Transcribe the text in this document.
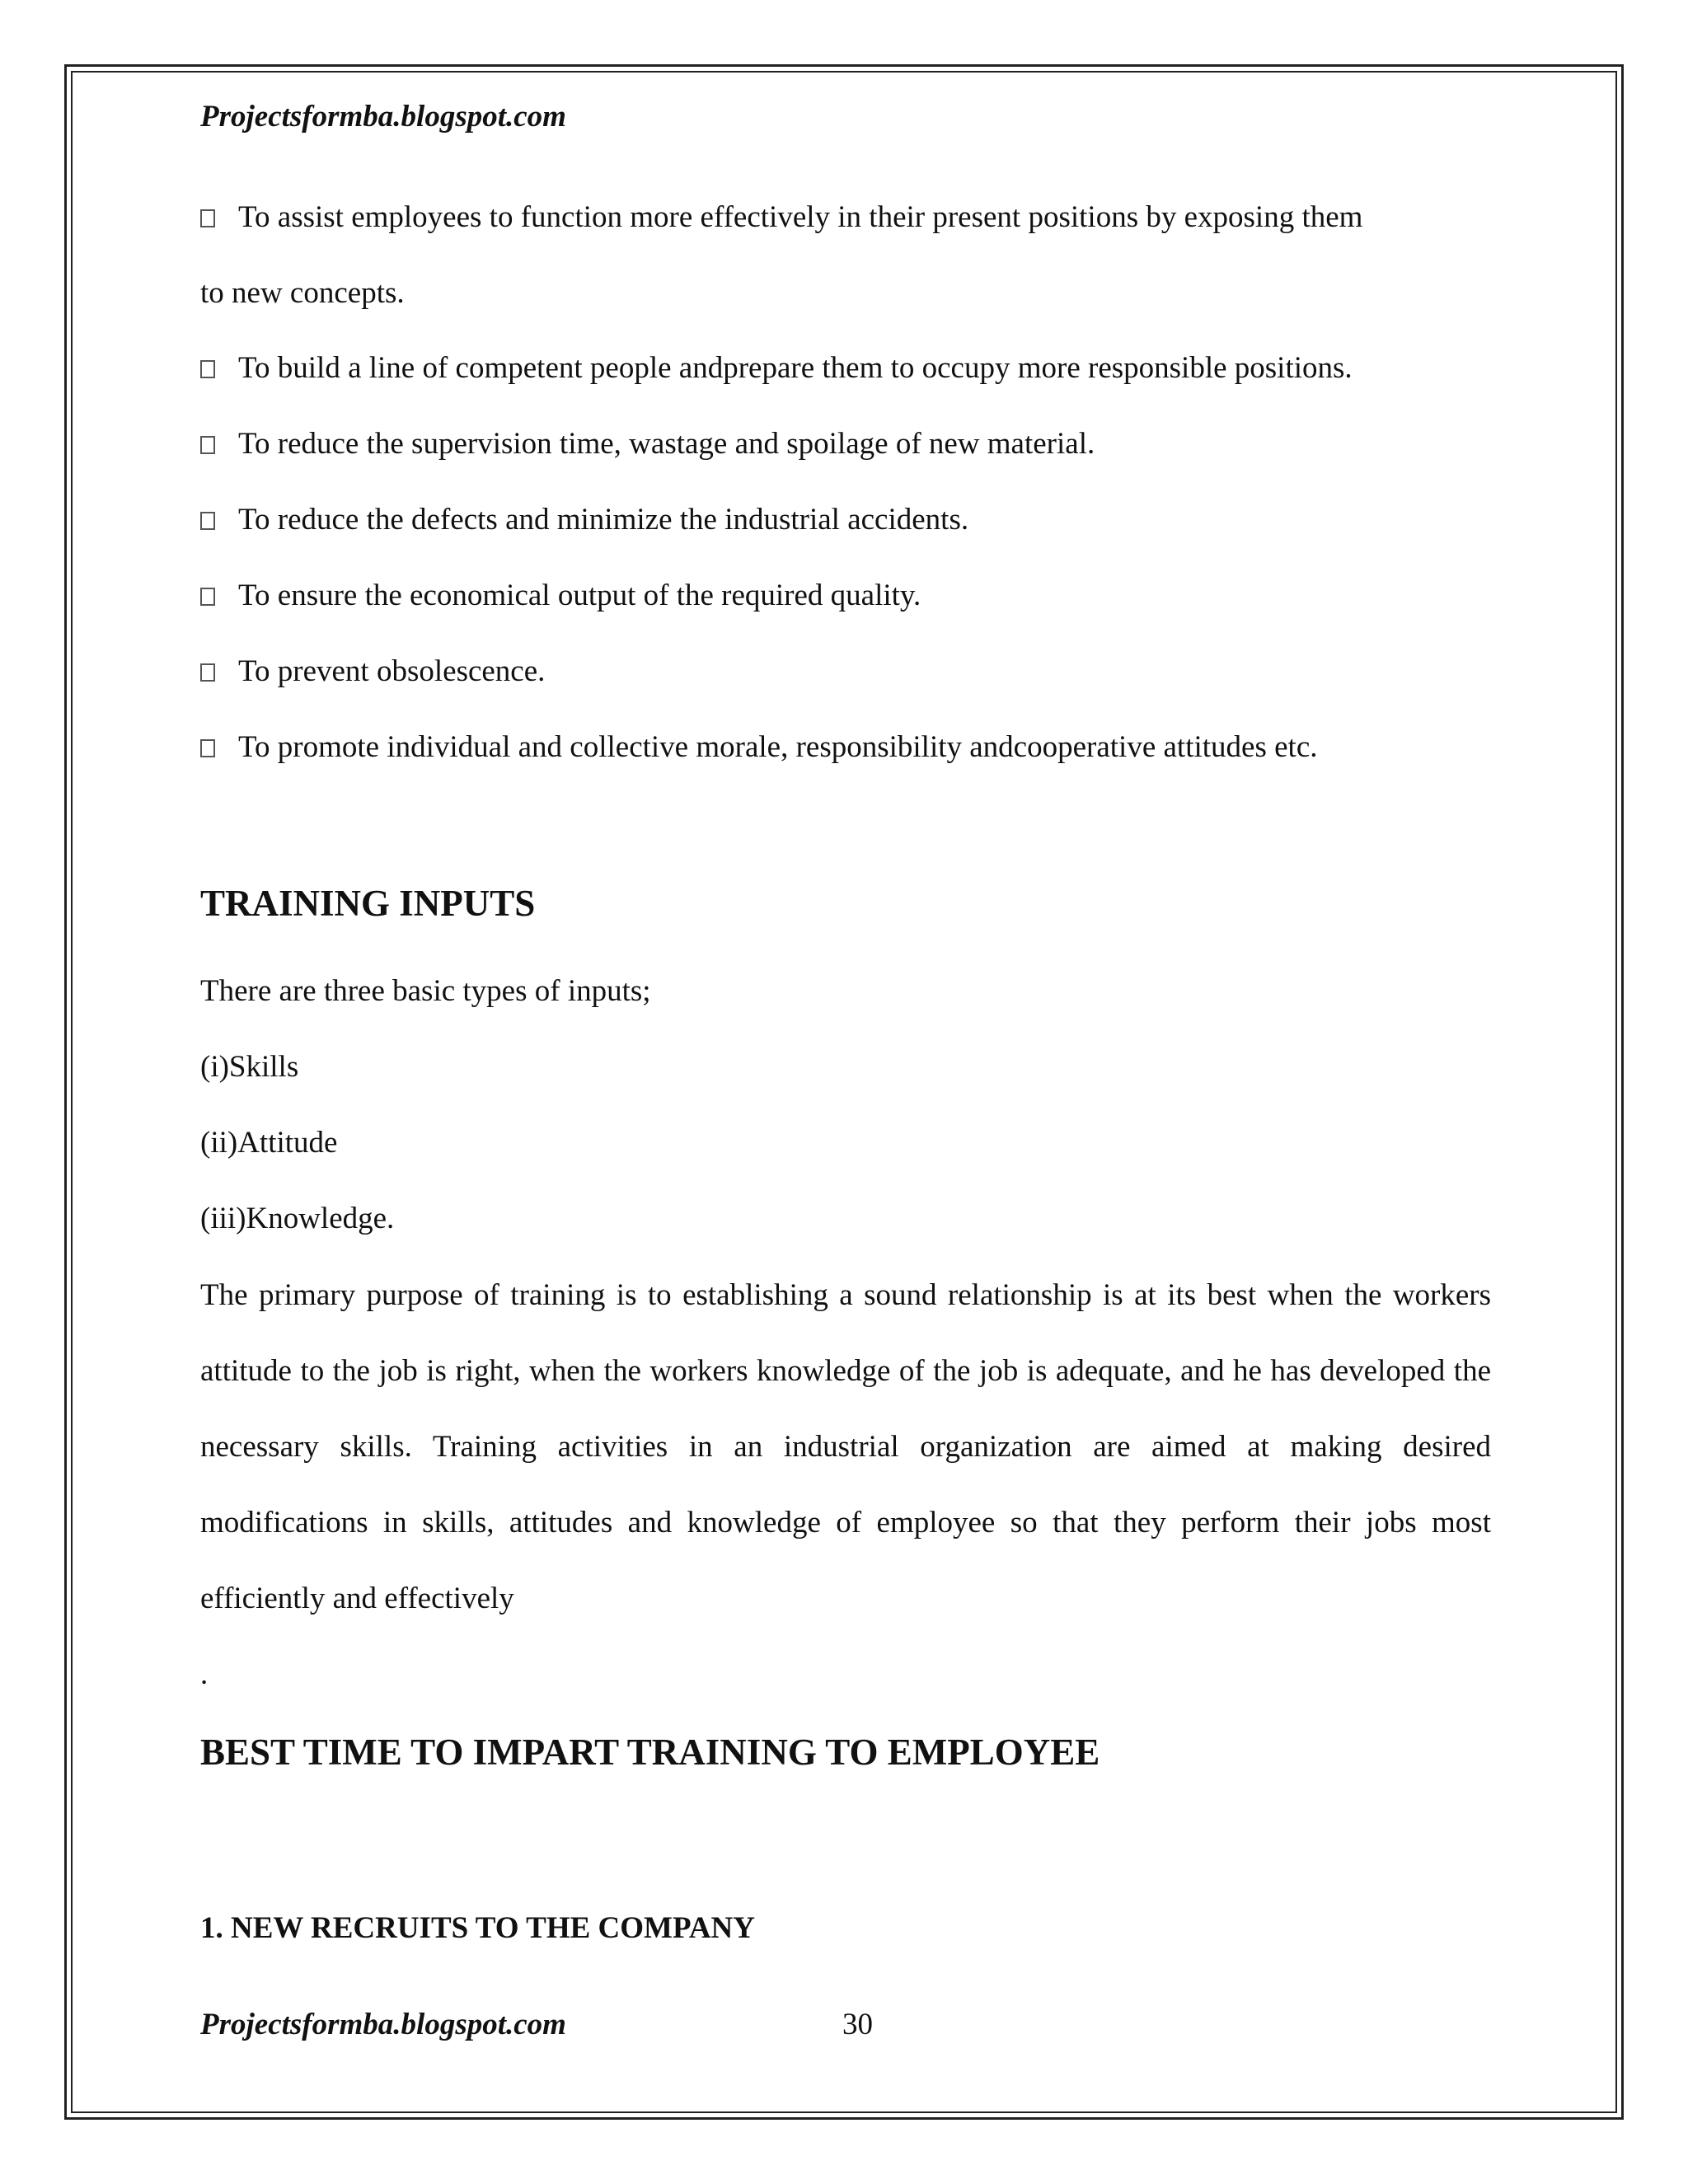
Projectsformba.blogspot.com
To assist employees to function more effectively in their present positions by exposing them
to new concepts.
To build a line of competent people andprepare them to occupy more responsible positions.
To reduce the supervision time, wastage and spoilage of new material.
To reduce the defects and minimize the industrial accidents.
To ensure the economical output of the required quality.
To prevent obsolescence.
To promote individual and collective morale, responsibility andcooperative attitudes etc.
TRAINING INPUTS
There are three basic types of inputs;
(i)Skills
(ii)Attitude
(iii)Knowledge.
The primary purpose of training is to establishing a sound relationship is at its best when the workers attitude to the job is right, when the workers knowledge of the job is adequate, and he has developed the necessary skills. Training activities in an industrial organization are aimed at making desired modifications in skills, attitudes and knowledge of employee so that they perform their jobs most efficiently and effectively
.
BEST TIME TO IMPART TRAINING TO EMPLOYEE
1. NEW RECRUITS TO THE COMPANY
Projectsformba.blogspot.com	30
